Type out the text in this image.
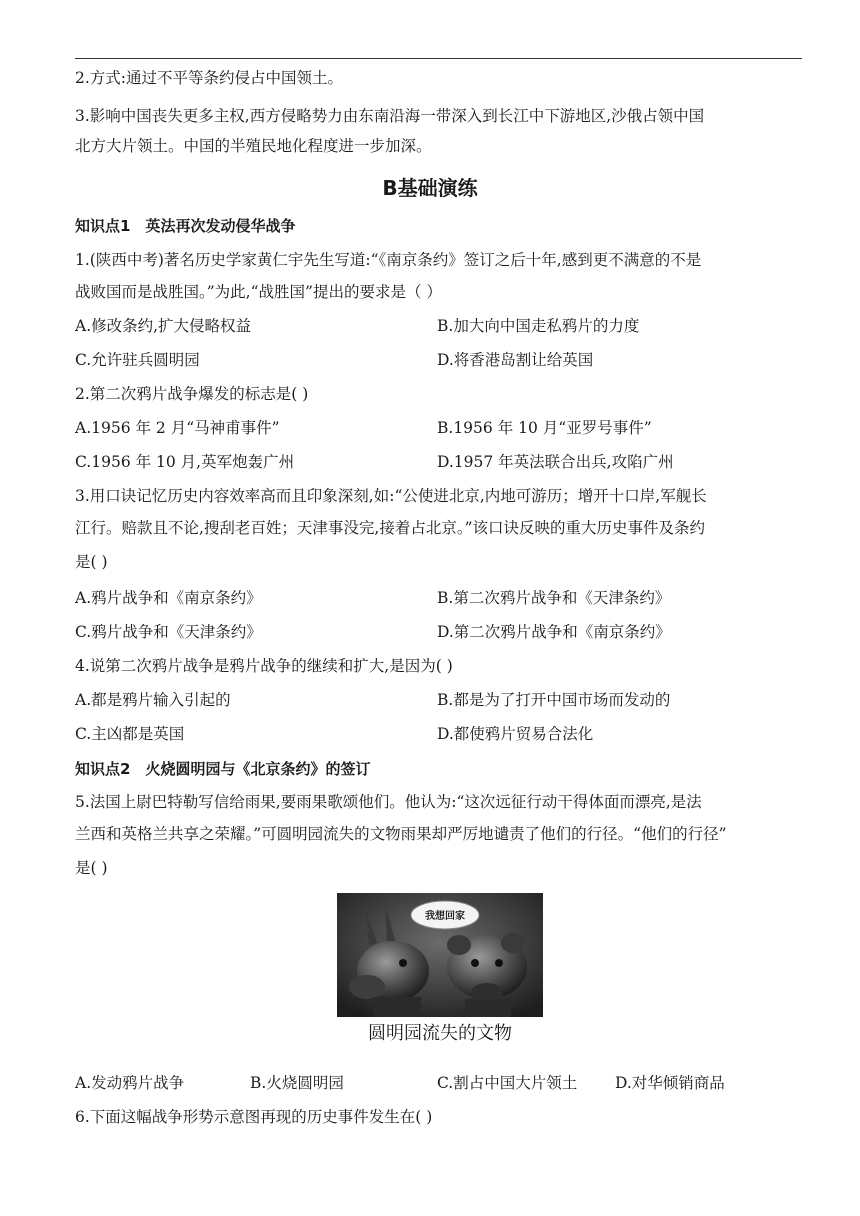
2.方式:通过不平等条约侵占中国领土。
3.影响中国丧失更多主权,西方侵略势力由东南沿海一带深入到长江中下游地区,沙俄占领中国
北方大片领土。中国的半殖民地化程度进一步加深。
B基础演练
知识点1　英法再次发动侵华战争
1.(陕西中考)著名历史学家黄仁宇先生写道:“《南京条约》签订之后十年,感到更不满意的不是
战败国而是战胜国。”为此,“战胜国”提出的要求是（ ）
A.修改条约,扩大侵略权益	B.加大向中国走私鸦片的力度
C.允许驻兵圆明园	D.将香港岛割让给英国
2.第二次鸦片战争爆发的标志是( )
A.1956 年 2 月“马神甫事件”	B.1956 年 10 月“亚罗号事件”
C.1956 年 10 月,英军炮轰广州	D.1957 年英法联合出兵,攻陷广州
3.用口诀记忆历史内容效率高而且印象深刻,如:“公使进北京,内地可游历；增开十口岸,军舰长
江行。赔款且不论,搜刮老百姓；天津事没完,接着占北京。”该口诀反映的重大历史事件及条约
是( )
A.鸦片战争和《南京条约》	B.第二次鸦片战争和《天津条约》
C.鸦片战争和《天津条约》	D.第二次鸦片战争和《南京条约》
4.说第二次鸦片战争是鸦片战争的继续和扩大,是因为( )
A.都是鸦片输入引起的	B.都是为了打开中国市场而发动的
C.主凶都是英国	D.都使鸦片贸易合法化
知识点2　火烧圆明园与《北京条约》的签订
5.法国上尉巴特勒写信给雨果,要雨果歌颂他们。他认为:“这次远征行动干得体面而漂亮,是法
兰西和英格兰共享之荣耀。”可圆明园流失的文物雨果却严厉地谴责了他们的行径。“他们的行径”
是( )
我想回家
圆明园流失的文物
A.发动鸦片战争	B.火烧圆明园	C.割占中国大片领土 D.对华倾销商品
6.下面这幅战争形势示意图再现的历史事件发生在( )
